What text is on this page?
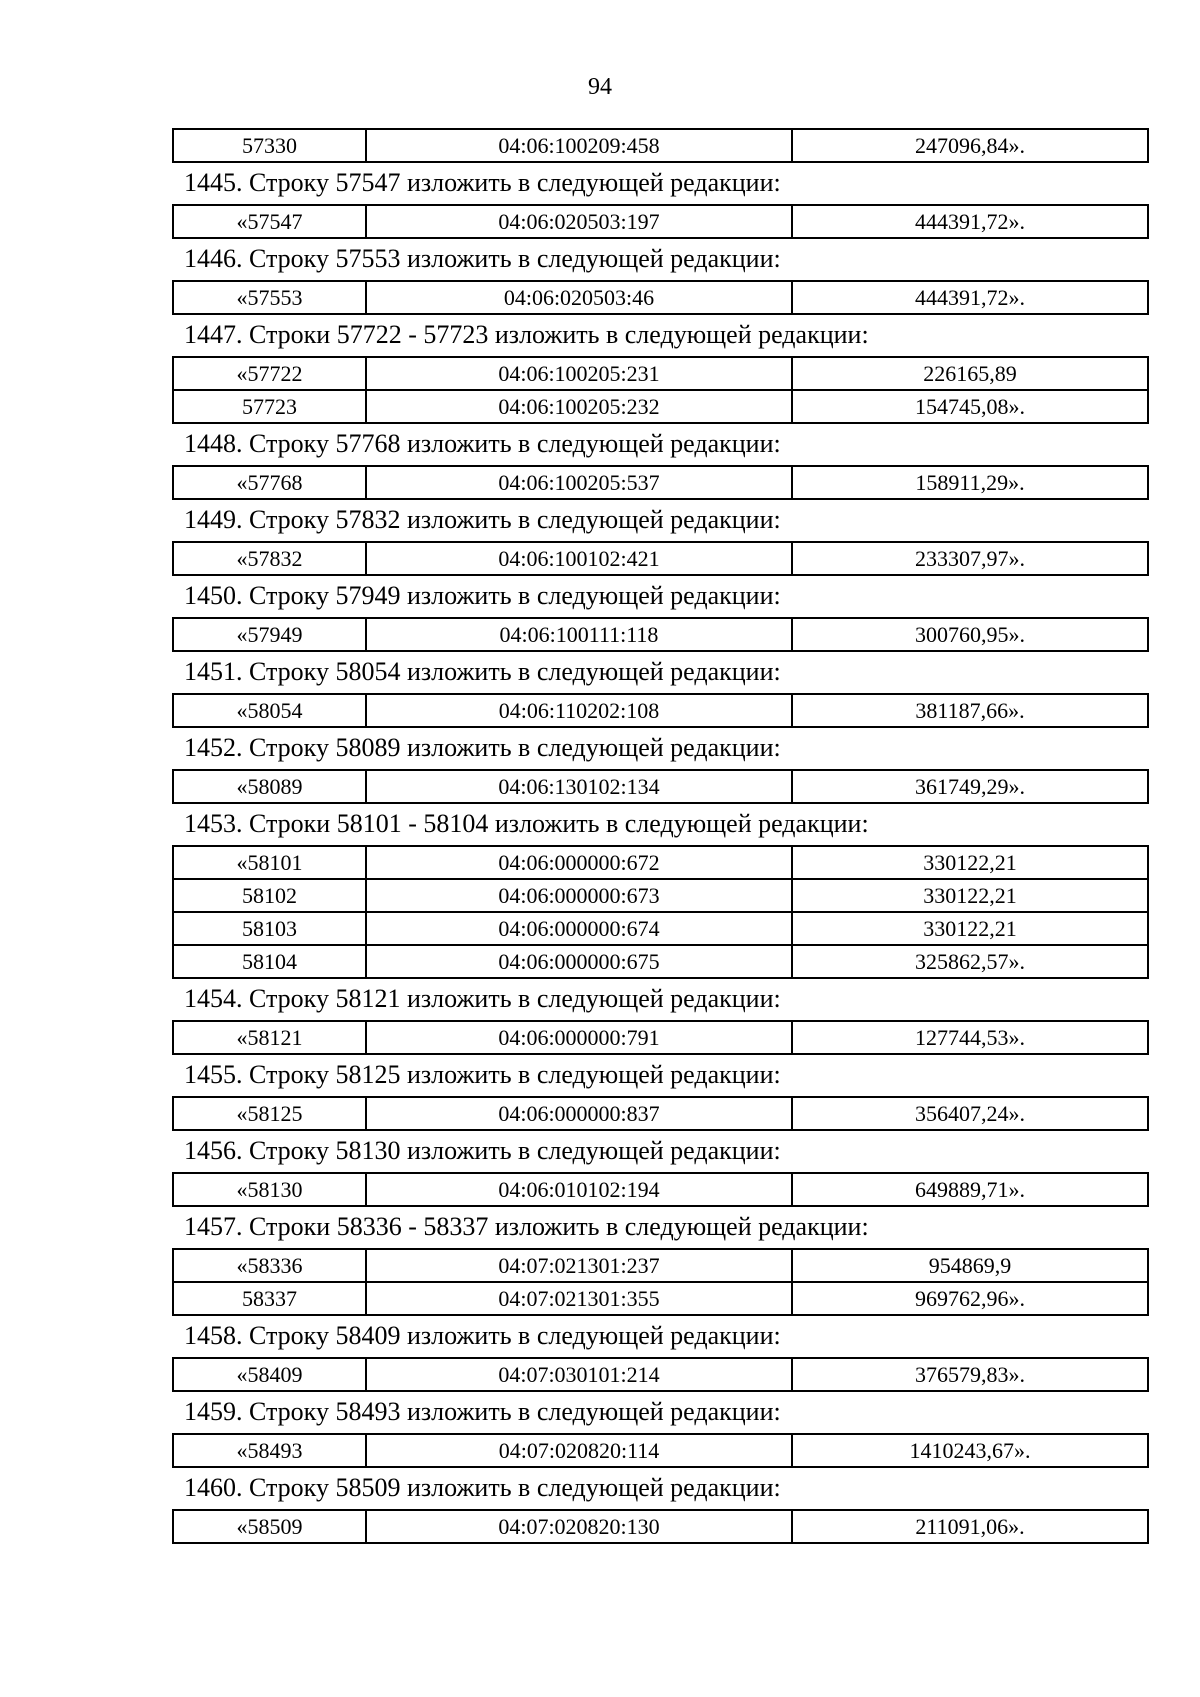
94
57330	04:06:100209:458	247096,84».
1445. Строку 57547 изложить в следующей редакции:
«57547	04:06:020503:197	444391,72».
1446. Строку 57553 изложить в следующей редакции:
«57553	04:06:020503:46	444391,72».
1447. Строки 57722 - 57723 изложить в следующей редакции:
«57722	04:06:100205:231	226165,89
57723	04:06:100205:232	154745,08».
1448. Строку 57768 изложить в следующей редакции:
«57768	04:06:100205:537	158911,29».
1449. Строку 57832 изложить в следующей редакции:
«57832	04:06:100102:421	233307,97».
1450. Строку 57949 изложить в следующей редакции:
«57949	04:06:100111:118	300760,95».
1451. Строку 58054 изложить в следующей редакции:
«58054	04:06:110202:108	381187,66».
1452. Строку 58089 изложить в следующей редакции:
«58089	04:06:130102:134	361749,29».
1453. Строки 58101 - 58104 изложить в следующей редакции:
«58101	04:06:000000:672	330122,21
58102	04:06:000000:673	330122,21
58103	04:06:000000:674	330122,21
58104	04:06:000000:675	325862,57».
1454. Строку 58121 изложить в следующей редакции:
«58121	04:06:000000:791	127744,53».
1455. Строку 58125 изложить в следующей редакции:
«58125	04:06:000000:837	356407,24».
1456. Строку 58130 изложить в следующей редакции:
«58130	04:06:010102:194	649889,71».
1457. Строки 58336 - 58337 изложить в следующей редакции:
«58336	04:07:021301:237	954869,9
58337	04:07:021301:355	969762,96».
1458. Строку 58409 изложить в следующей редакции:
«58409	04:07:030101:214	376579,83».
1459. Строку 58493 изложить в следующей редакции:
«58493	04:07:020820:114	1410243,67».
1460. Строку 58509 изложить в следующей редакции:
«58509	04:07:020820:130	211091,06».
